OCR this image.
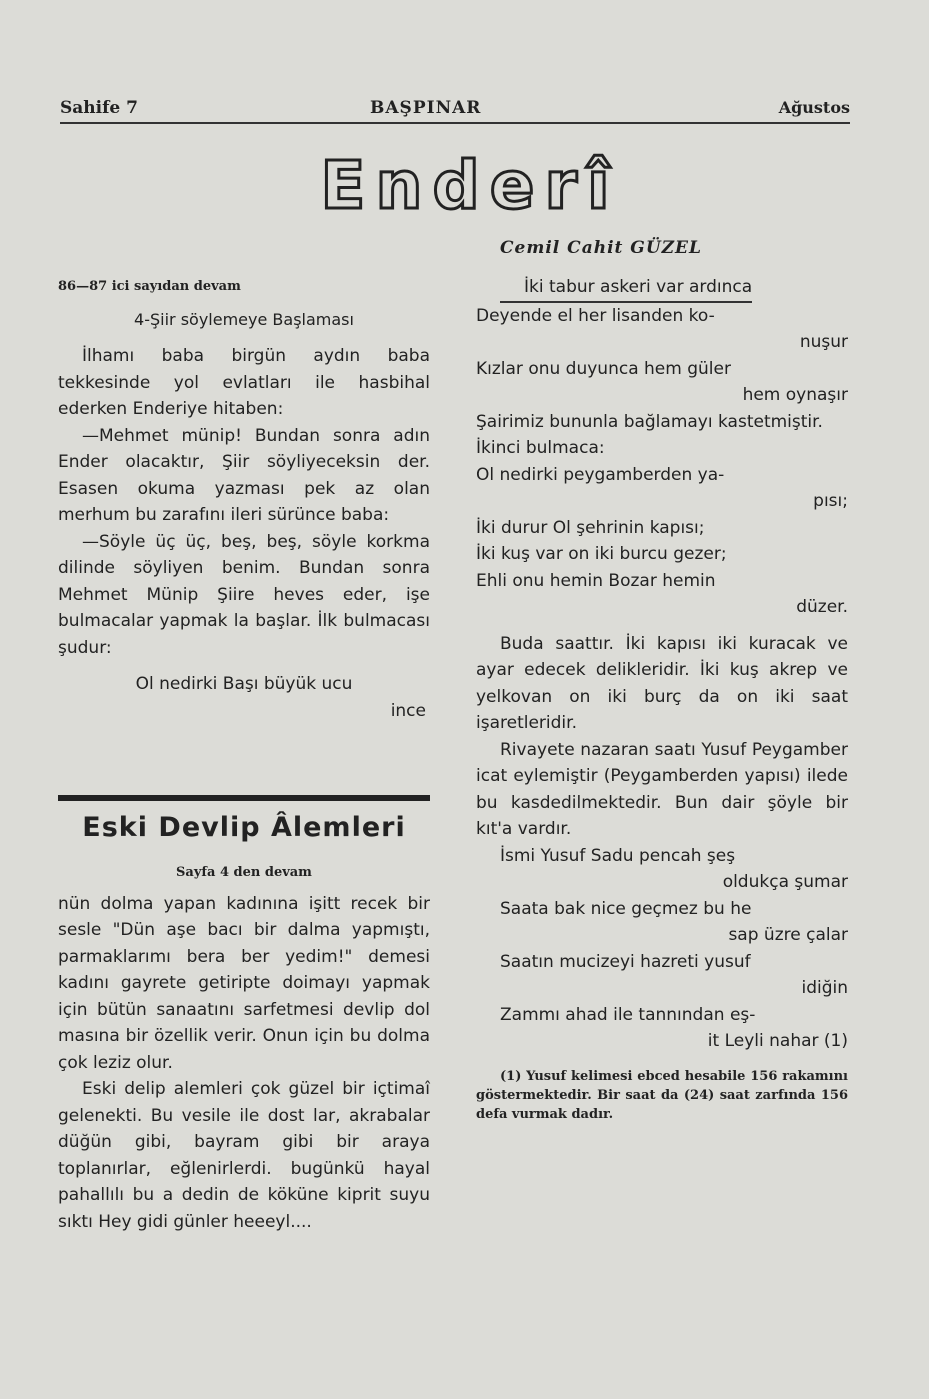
Sahife 7	BAŞPINAR	Ağustos
Enderî
Cemil Cahit GÜZEL

86—87 ici sayıdan devam

4-Şiir söylemeye Başlaması

İlhamı baba birgün aydın baba tekkesinde yol evlatları ile hasbihal ederken Enderiye hitaben:

—Mehmet münip! Bundan sonra adın Ender olacaktır, Şiir söyliyeceksin der. Esasen okuma yazması pek az olan merhum bu zarafını ileri sürünce baba:

—Söyle üç üç, beş, beş, söyle korkma dilinde söyliyen benim. Bundan sonra Mehmet Münip Şiire heves eder, işe bulmacalar yapmak la başlar. İlk bulmacası şudur:

Ol nedirki Başı büyük ucu

ince

Eski Devlip Âlemleri

Sayfa 4 den devam

nün dolma yapan kadınına işitt recek bir sesle "Dün aşe bacı bir dalma yapmıştı, parmaklarımı bera ber yedim!" demesi kadını gayrete getiripte doimayı yapmak için bütün sanaatını sarfetmesi devlip dol masına bir özellik verir. Onun için bu dolma çok leziz olur.

Eski delip alemleri çok güzel bir içtimaî gelenekti. Bu vesile ile dost lar, akrabalar düğün gibi, bayram gibi bir araya toplanırlar, eğlenirlerdi. bugünkü hayal pahallılı bu a dedin de köküne kiprit suyu sıktı Hey gidi günler heeeyl....

İki tabur askeri var ardınca

Deyende el her lisanden ko-

nuşur

Kızlar onu duyunca hem güler

hem oynaşır

Şairimiz bununla bağlamayı kastetmiştir.

İkinci bulmaca:

Ol nedirki peygamberden ya-

pısı;

İki durur Ol şehrinin kapısı;

İki kuş var on iki burcu gezer;

Ehli onu hemin Bozar hemin

düzer.

Buda saattır. İki kapısı iki kuracak ve ayar edecek delikleridir. İki kuş akrep ve yelkovan on iki burç da on iki saat işaretleridir.

Rivayete nazaran saatı Yusuf Peygamber icat eylemiştir (Peygamberden yapısı) ilede bu kasdedilmektedir. Bun dair şöyle bir kıt'a vardır.

İsmi Yusuf Sadu pencah şeş

oldukça şumar

Saata bak nice geçmez bu he

sap üzre çalar

Saatın mucizeyi hazreti yusuf

idiğin

Zammı ahad ile tannından eş-

it Leyli nahar (1)

(1) Yusuf kelimesi ebced hesabile 156 rakamını göstermektedir. Bir saat da (24) saat zarfında 156 defa vurmak dadır.
